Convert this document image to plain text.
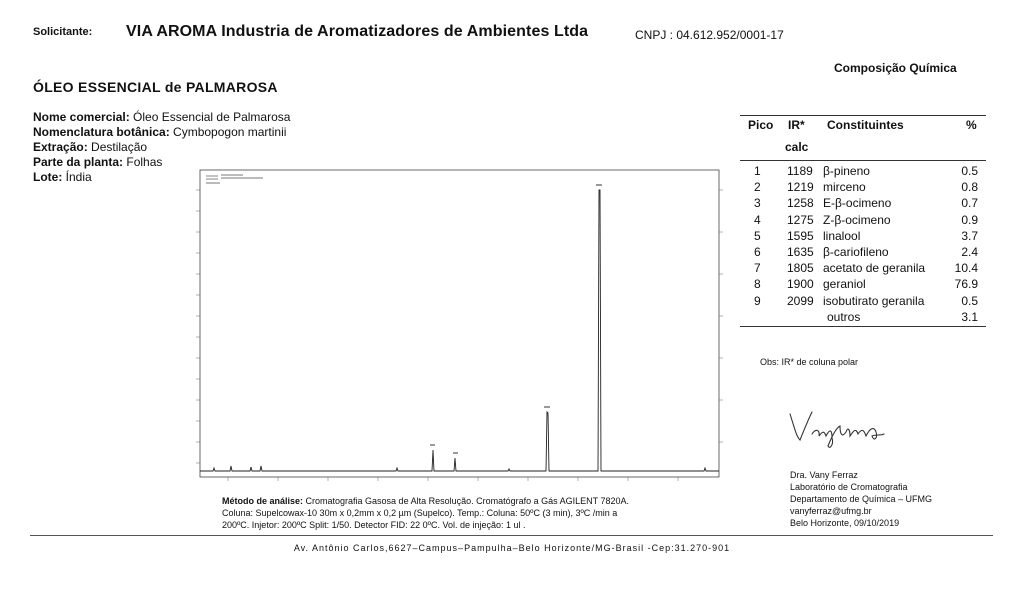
Solicitante: VIA AROMA Industria de Aromatizadores de Ambientes Ltda	CNPJ : 04.612.952/0001-17
Composição Química
ÓLEO ESSENCIAL de PALMAROSA
Nome comercial: Óleo Essencial de Palmarosa
Nomenclatura botânica: Cymbopogon martinii
Extração: Destilação
Parte da planta: Folhas
Lote: Índia
Pico IR*
calc
Constituintes	%
1 1189 β-pineno	0.5
2 1219 mirceno	0.8
3 1258 E-β-ocimeno	0.7
4 1275 Z-β-ocimeno	0.9
5 1595 linalool	3.7
6 1635 β-cariofileno	2.4
7 1805 acetato de geranila	10.4
8 1900 geraniol	76.9
9 2099 isobutirato geranila	0.5
outros	3.1
Obs: IR* de coluna polar
Dra. Vany Ferraz
Laboratório de Cromatografia
Departamento de Química – UFMG
vanyferraz@ufmg.br
Belo Horizonte, 09/10/2019
Método de análise: Cromatografia Gasosa de Alta Resolução. Cromatógrafo a Gás AGILENT 7820A.
Coluna: Supelcowax-10 30m x 0,2mm x 0,2 µm (Supelco). Temp.: Coluna: 50ºC (3 min), 3ºC /min a
200ºC. Injetor: 200ºC Split: 1/50. Detector FID: 22 0ºC. Vol. de injeção: 1 ul .
Av. Antônio Carlos,6627–Campus–Pampulha–Belo Horizonte/MG-Brasil -Cep:31.270-901
